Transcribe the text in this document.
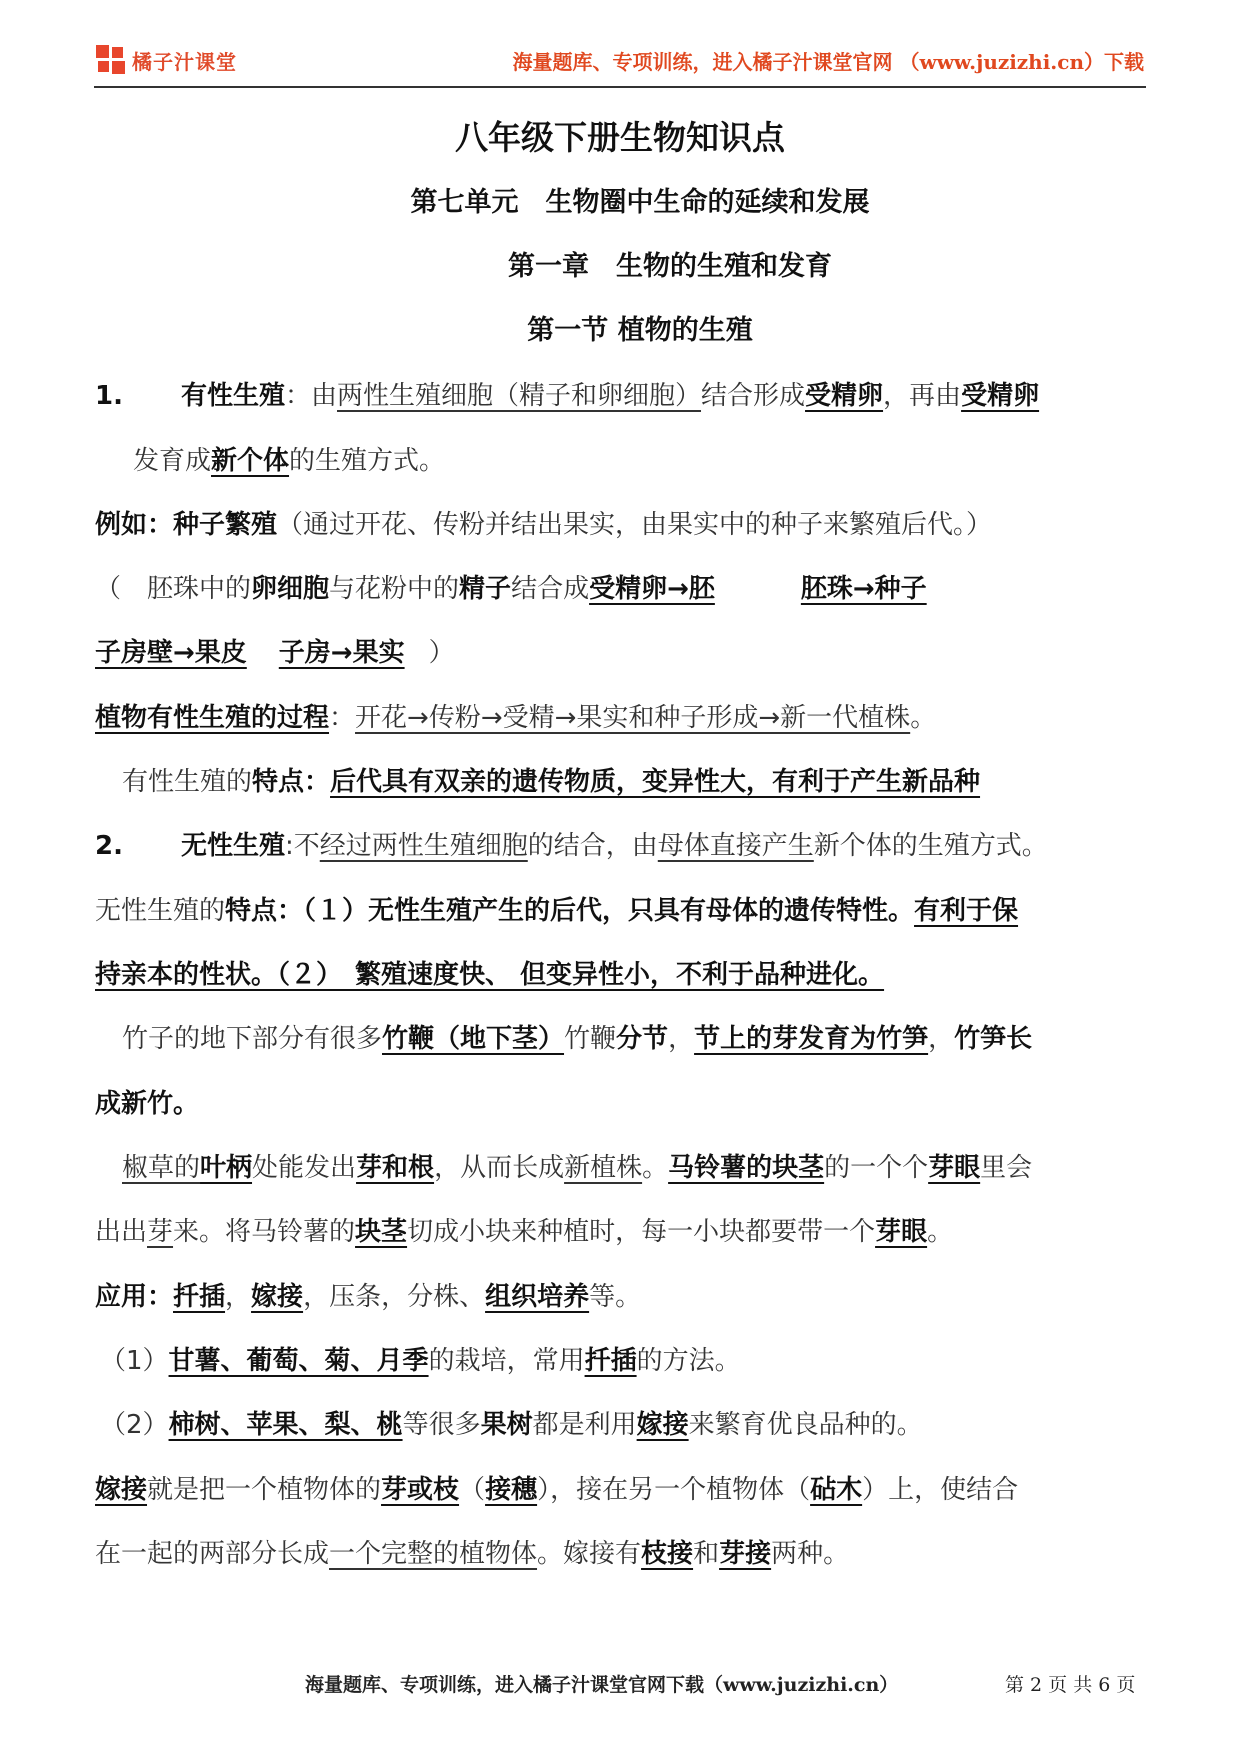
橘子汁课堂	海量题库、专项训练，进入橘子汁课堂官网 （www.juzizhi.cn）下载
八年级下册生物知识点
第七单元　生物圈中生命的延续和发展
第一章　生物的生殖和发育
第一节 植物的生殖
1. 有性生殖：由两性生殖细胞（精子和卵细胞）结合形成受精卵，再由受精卵
发育成新个体的生殖方式。
例如：种子繁殖（通过开花、传粉并结出果实，由果实中的种子来繁殖后代。）
（　胚珠中的卵细胞与花粉中的精子结合成受精卵→胚	胚珠→种子
子房壁→果皮 子房→果实 ）
植物有性生殖的过程：开花→传粉→受精→果实和种子形成→新一代植株。
有性生殖的特点：后代具有双亲的遗传物质，变异性大，有利于产生新品种
2. 无性生殖:不经过两性生殖细胞的结合，由母体直接产生新个体的生殖方式。
无性生殖的特点：（１）无性生殖产生的后代，只具有母体的遗传特性。有利于保
持亲本的性状。（２）　繁殖速度快、 但变异性小，不利于品种进化。
竹子的地下部分有很多竹鞭（地下茎）竹鞭分节，节上的芽发育为竹笋，竹笋长
成新竹。
椒草的叶柄处能发出芽和根，从而长成新植株。马铃薯的块茎的一个个芽眼里会
出出芽来。将马铃薯的块茎切成小块来种植时，每一小块都要带一个芽眼。
应用：扦插，嫁接，压条，分株、组织培养等。
（1）甘薯、葡萄、菊、月季的栽培，常用扦插的方法。
（2）柿树、苹果、梨、桃等很多果树都是利用嫁接来繁育优良品种的。
嫁接就是把一个植物体的芽或枝（接穗），接在另一个植物体（砧木）上，使结合
在一起的两部分长成一个完整的植物体。嫁接有枝接和芽接两种。
海量题库、专项训练，进入橘子汁课堂官网下载（www.juzizhi.cn）	第 2 页 共 6 页
